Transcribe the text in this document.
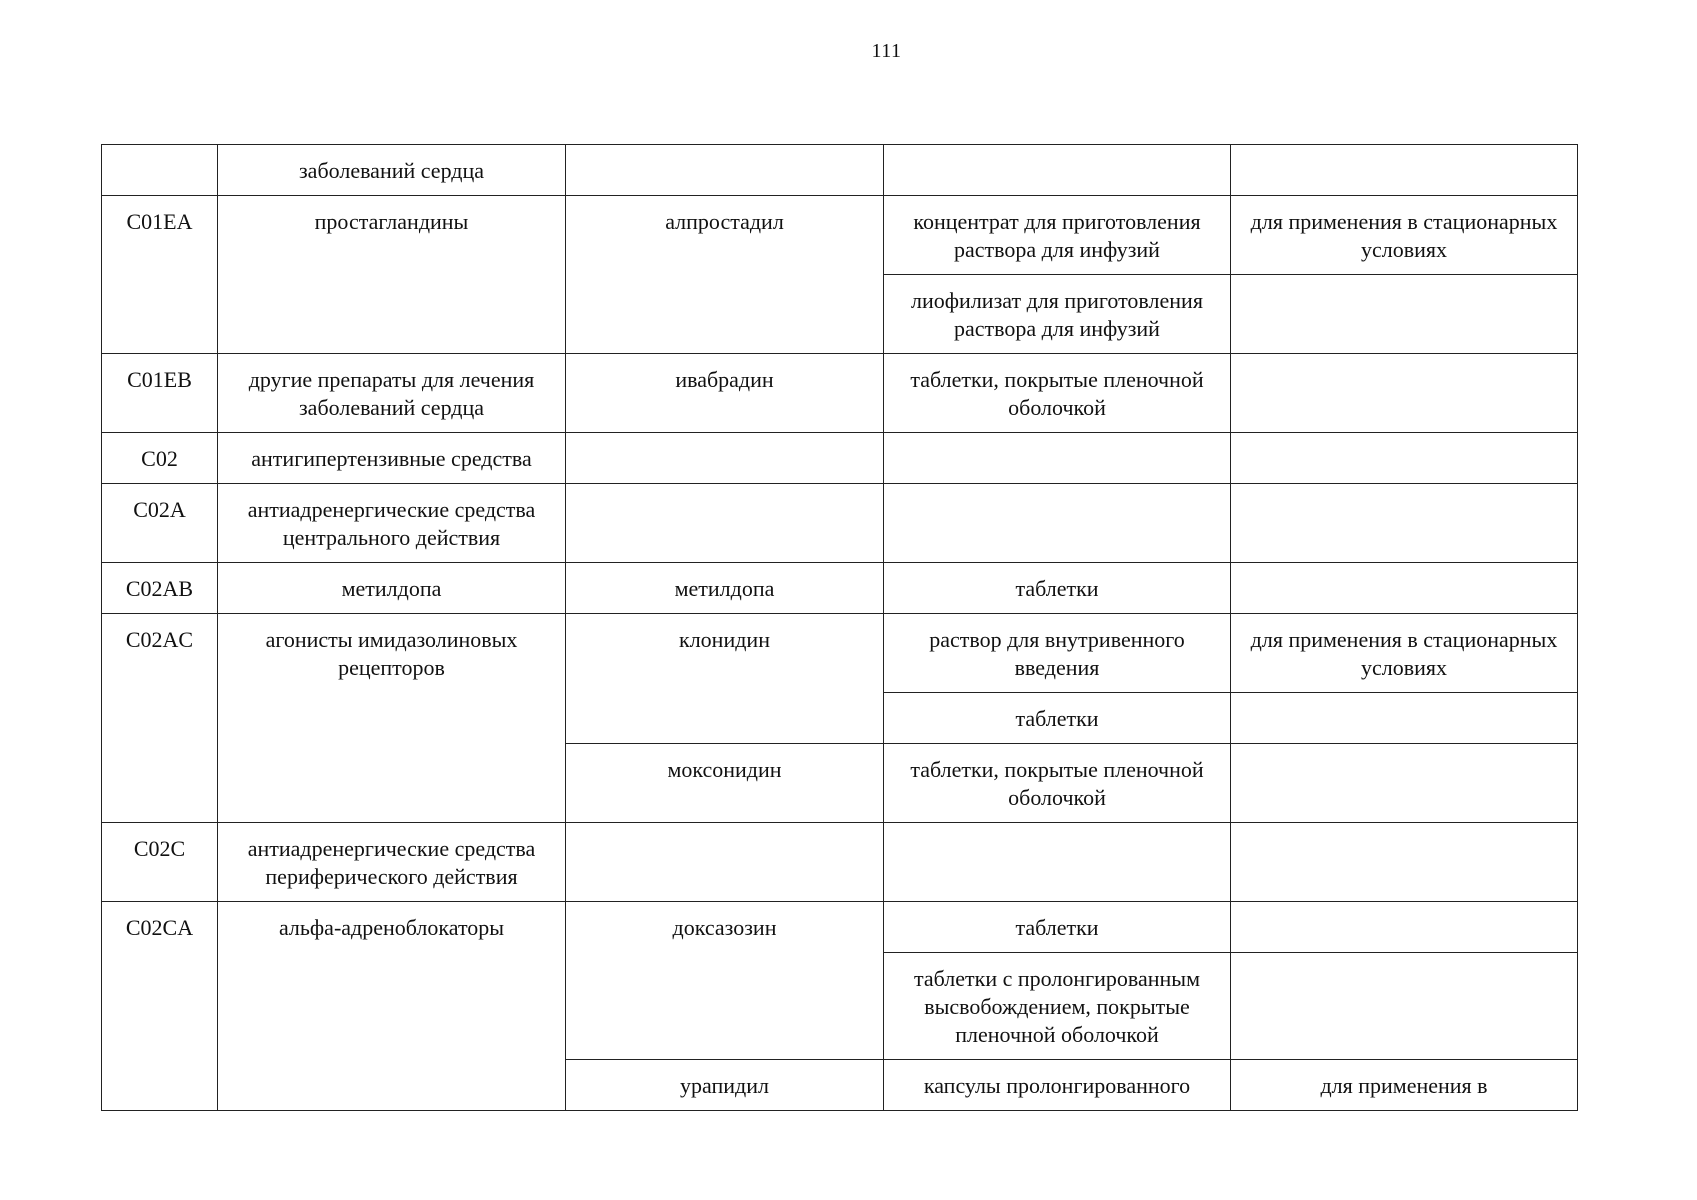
111
	заболеваний сердца			
C01EA	простагландины	алпростадил	концентрат для приготовления раствора для инфузий	для применения в стационарных условиях
			лиофилизат для приготовления раствора для инфузий	
C01EB	другие препараты для лечения заболеваний сердца	ивабрадин	таблетки, покрытые пленочной оболочкой	
C02	антигипертензивные средства			
C02A	антиадренергические средства центрального действия			
C02AB	метилдопа	метилдопа	таблетки	
C02AC	агонисты имидазолиновых рецепторов	клонидин	раствор для внутривенного введения	для применения в стационарных условиях
			таблетки	
		моксонидин	таблетки, покрытые пленочной оболочкой	
C02C	антиадренергические средства периферического действия			
C02CA	альфа-адреноблокаторы	доксазозин	таблетки	
			таблетки с пролонгированным высвобождением, покрытые пленочной оболочкой	
		урапидил	капсулы пролонгированного	для применения в
